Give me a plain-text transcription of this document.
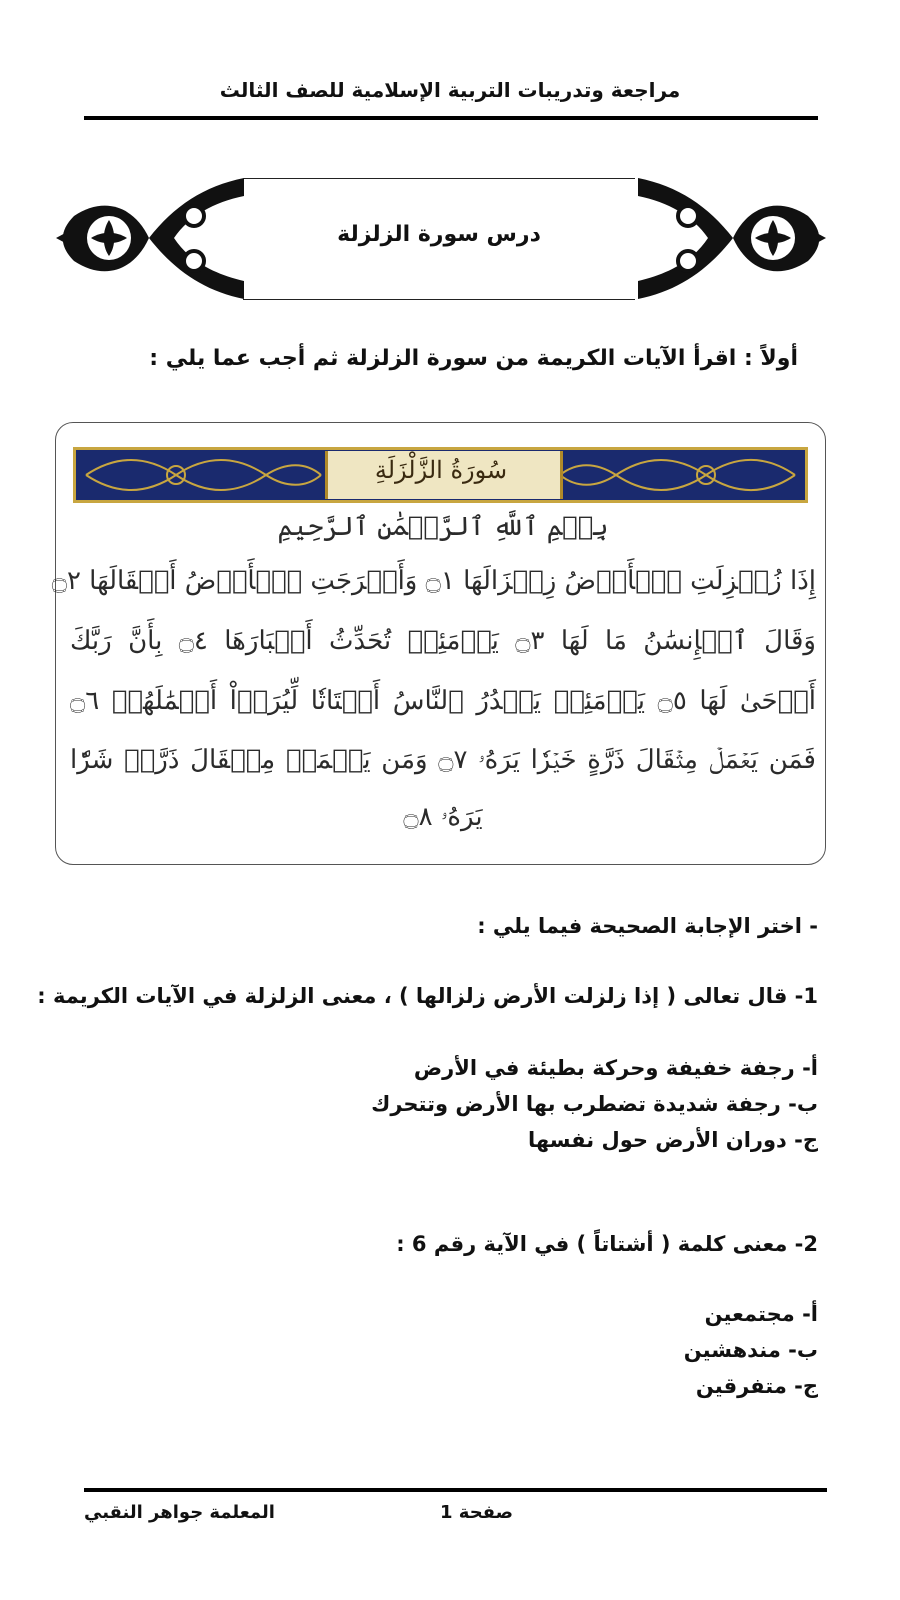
مراجعة وتدريبات التربية الإسلامية للصف الثالث
درس سورة الزلزلة
أولاً : اقرأ الآيات الكريمة من سورة الزلزلة ثم أجب عما يلي :
سُورَةُ الزَّلْزَلَةِ
بِسۡمِ ٱللَّهِ ٱلرَّحۡمَٰنِ ٱلرَّحِيمِ
إِذَا زُلۡزِلَتِ ٱلۡأَرۡضُ زِلۡزَالَهَا ۝١ وَأَخۡرَجَتِ ٱلۡأَرۡضُ أَثۡقَالَهَا ۝٢
وَقَالَ ٱلۡإِنسَٰنُ مَا لَهَا ۝٣ يَوۡمَئِذٖ تُحَدِّثُ أَخۡبَارَهَا ۝٤ بِأَنَّ رَبَّكَ
أَوۡحَىٰ لَهَا ۝٥ يَوۡمَئِذٖ يَصۡدُرُ ٱلنَّاسُ أَشۡتَاتٗا لِّيُرَوۡاْ أَعۡمَٰلَهُمۡ ۝٦
فَمَن يَعۡمَلۡ مِثۡقَالَ ذَرَّةٍ خَيۡرٗا يَرَهُۥ ۝٧ وَمَن يَعۡمَلۡ مِثۡقَالَ ذَرَّةٖ شَرّٗا
يَرَهُۥ ۝٨
- اختر الإجابة الصحيحة فيما يلي :
1- قال تعالى ( إذا زلزلت الأرض زلزالها ) ، معنى الزلزلة في الآيات الكريمة :
أ- رجفة خفيفة وحركة بطيئة في الأرض
ب- رجفة شديدة تضطرب بها الأرض وتتحرك
ج- دوران الأرض حول نفسها
2- معنى كلمة ( أشتاتاً ) في الآية رقم 6 :
أ- مجتمعين
ب- مندهشين
ج- متفرقين
صفحة 1
المعلمة جواهر النقبي
